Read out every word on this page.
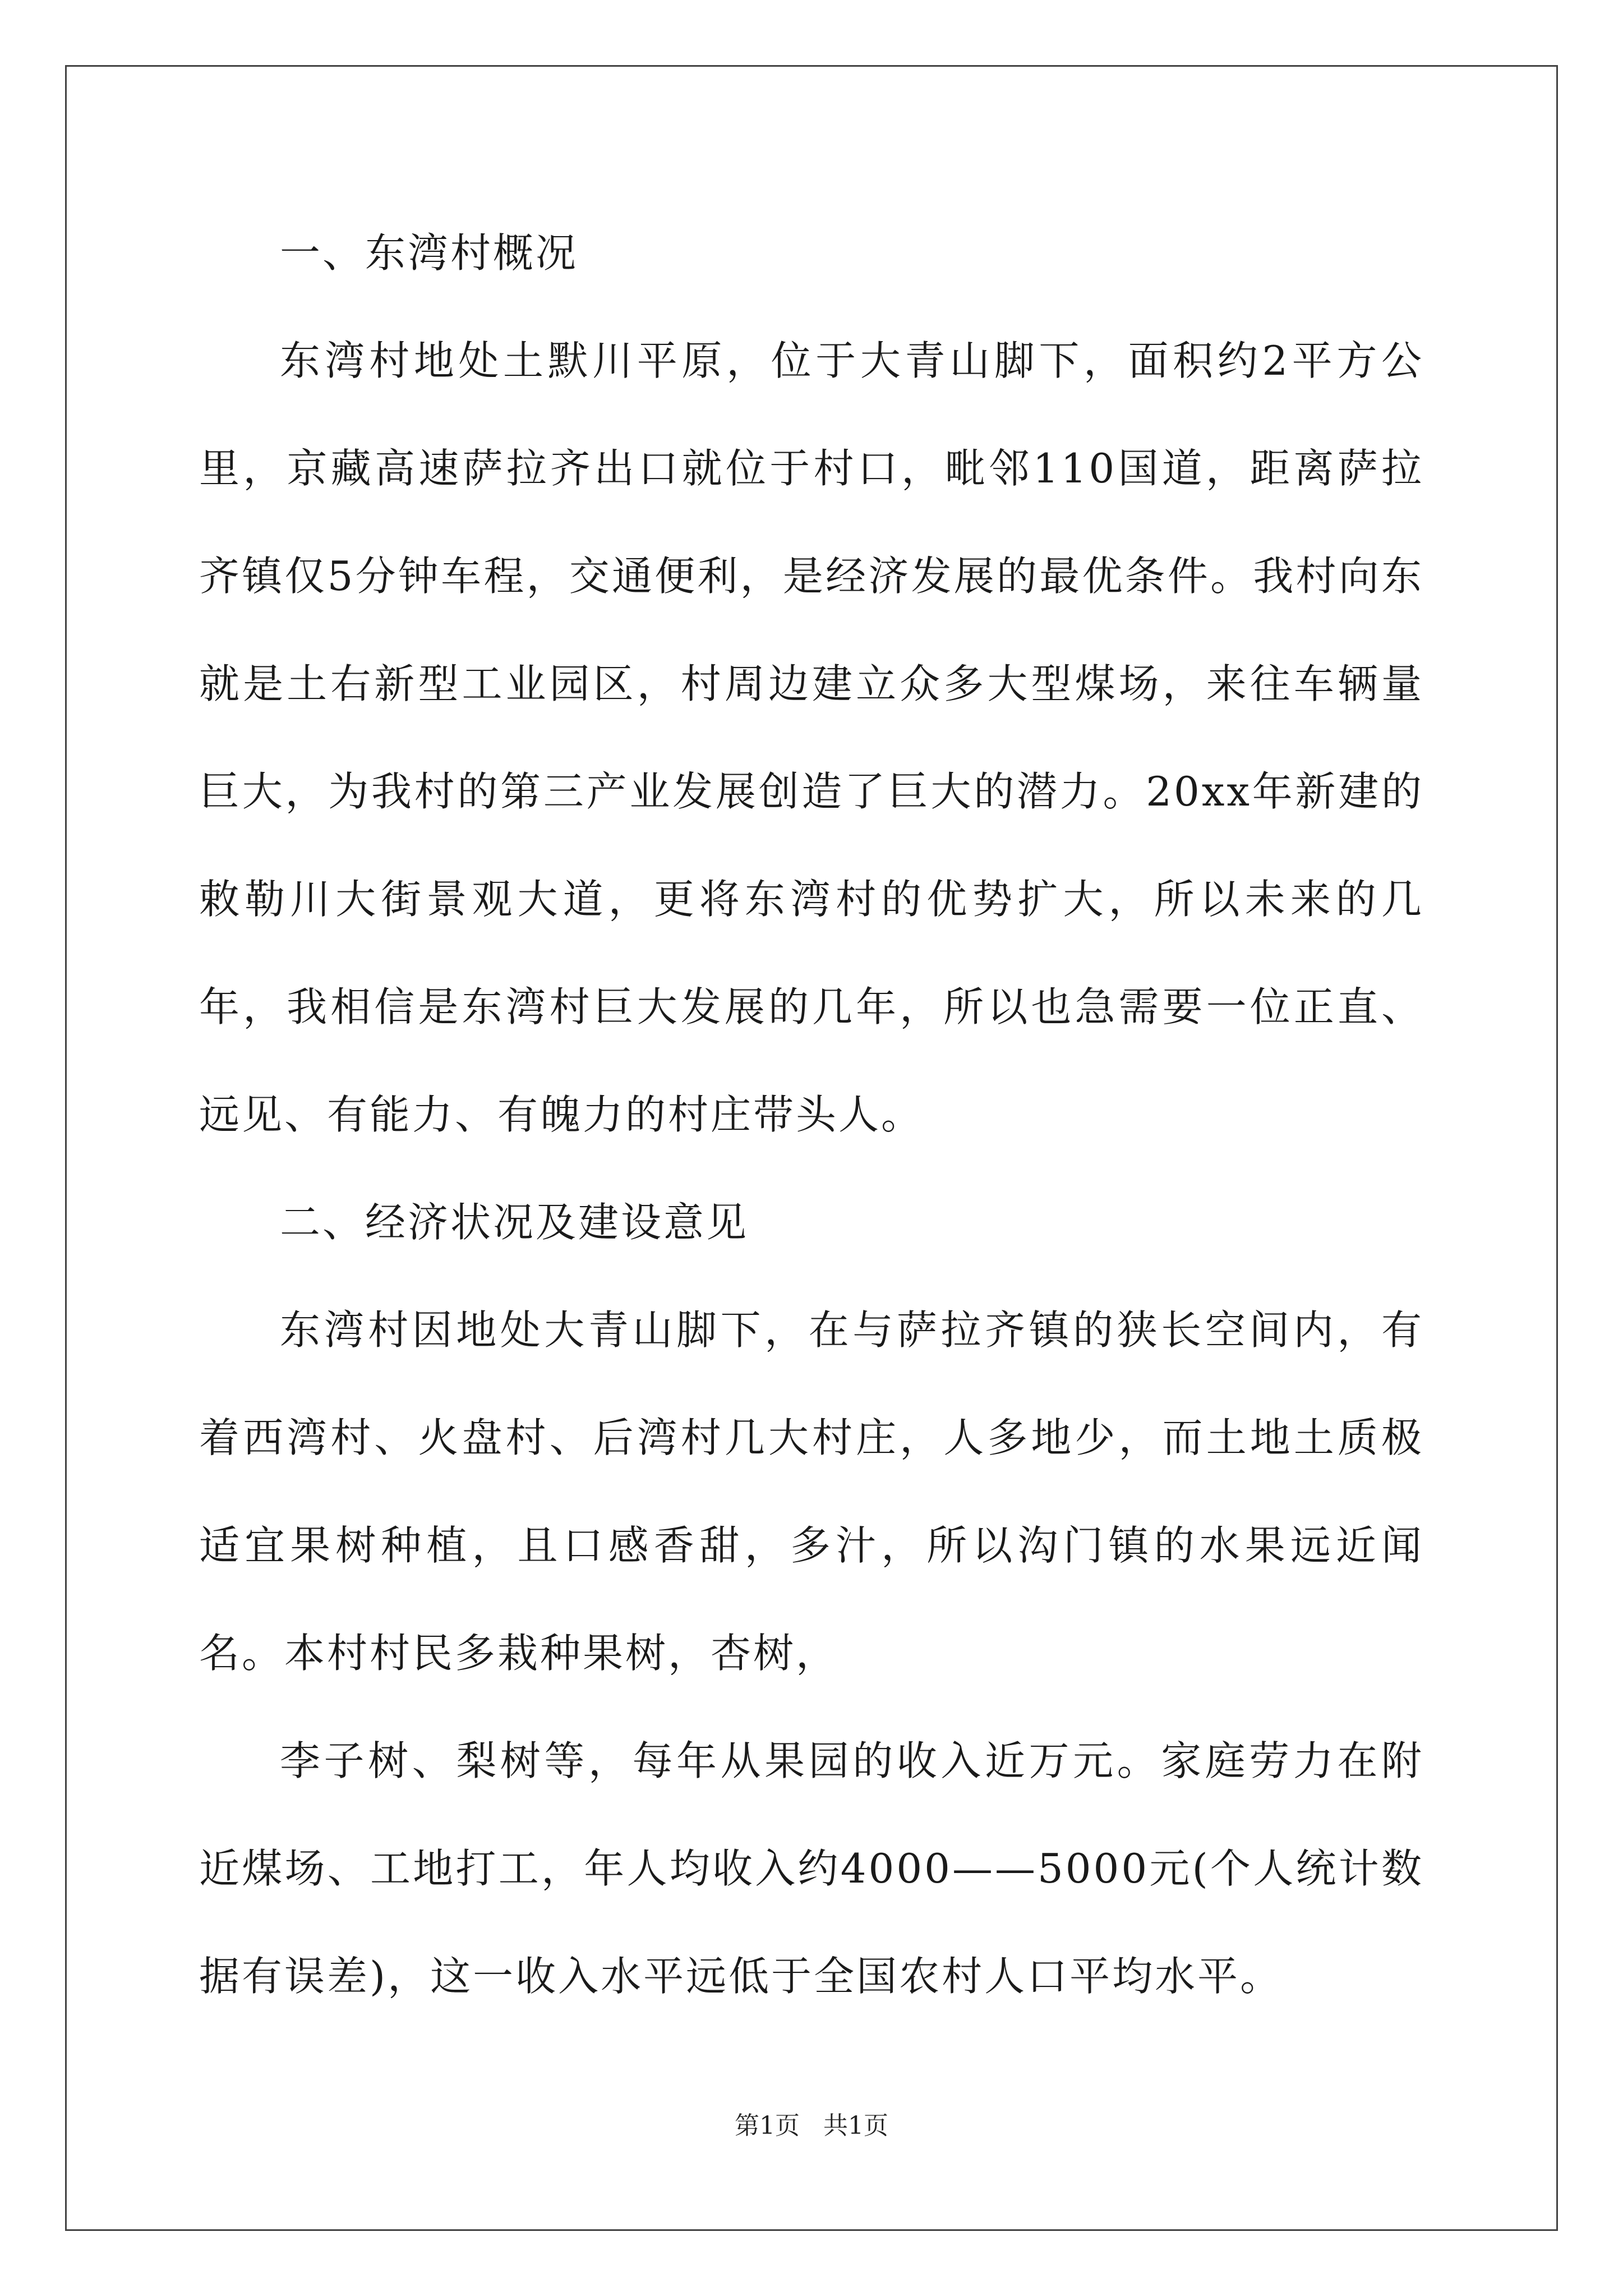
一、东湾村概况

东湾村地处土默川平原，位于大青山脚下，面积约2平方公里，京藏高速萨拉齐出口就位于村口，毗邻110国道，距离萨拉齐镇仅5分钟车程，交通便利，是经济发展的最优条件。我村向东就是土右新型工业园区，村周边建立众多大型煤场，来往车辆量巨大，为我村的第三产业发展创造了巨大的潜力。20xx年新建的敕勒川大街景观大道，更将东湾村的优势扩大，所以未来的几年，我相信是东湾村巨大发展的几年，所以也急需要一位正直、远见、有能力、有魄力的村庄带头人。

二、经济状况及建设意见

东湾村因地处大青山脚下，在与萨拉齐镇的狭长空间内，有着西湾村、火盘村、后湾村几大村庄，人多地少，而土地土质极适宜果树种植，且口感香甜，多汁，所以沟门镇的水果远近闻名。本村村民多栽种果树，杏树，

李子树、梨树等，每年从果园的收入近万元。家庭劳力在附近煤场、工地打工，年人均收入约4000——5000元(个人统计数据有误差)，这一收入水平远低于全国农村人口平均水平。

第1页 共1页
